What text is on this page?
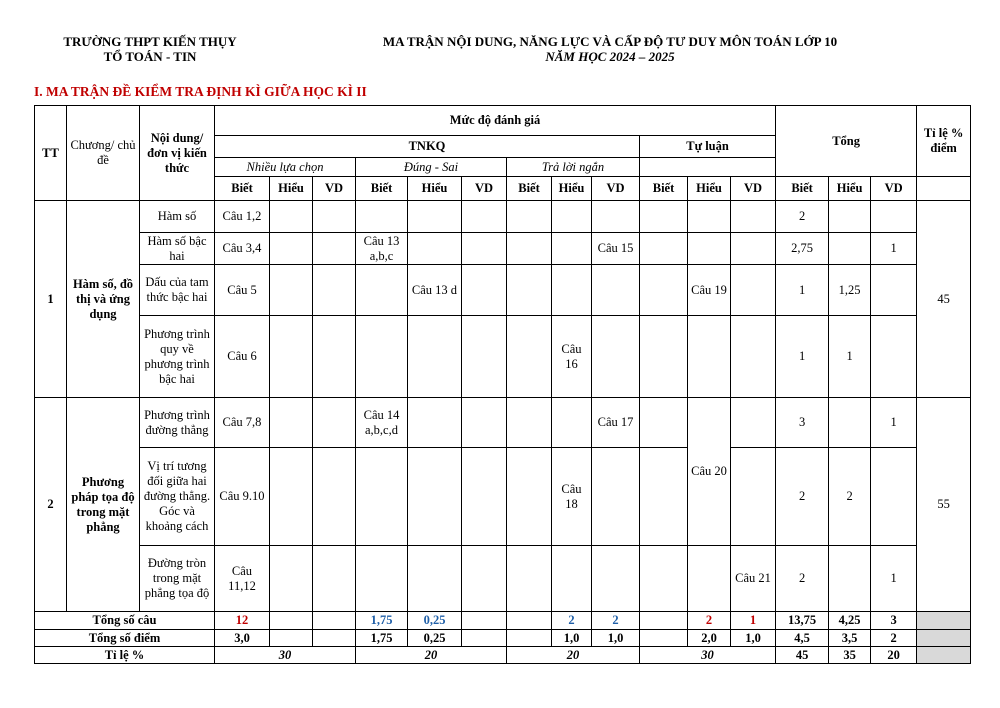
TRƯỜNG THPT KIẾN THỤY
TỔ TOÁN - TIN
MA TRẬN NỘI DUNG, NĂNG LỰC VÀ CẤP ĐỘ TƯ DUY MÔN TOÁN LỚP 10
NĂM HỌC 2024 – 2025
I. MA TRẬN ĐỀ KIỂM TRA ĐỊNH KÌ GIỮA HỌC KÌ II
TT	Chương/ chủ đề	Nội dung/ đơn vị kiến thức	Mức độ đánh giá												Tổng			Tỉ lệ % điểm
			TNKQ									Tự luận						
			Nhiều lựa chọn			Đúng - Sai			Trả lời ngắn									
			Biết	Hiểu	VD	Biết	Hiểu	VD	Biết	Hiểu	VD	Biết	Hiểu	VD	Biết	Hiểu	VD	
1	Hàm số, đồ thị và ứng dụng	Hàm số	Câu 1,2												2			45
		Hàm số bậc hai	Câu 3,4			Câu 13 a,b,c					Câu 15				2,75		1	
		Dấu của tam thức bậc hai	Câu 5				Câu 13 d						Câu 19		1	1,25		
		Phương trình quy về phương trình bậc hai	Câu 6							Câu 16					1	1		
2	Phương pháp tọa độ trong mặt phẳng	Phương trình đường thẳng	Câu 7,8			Câu 14 a,b,c,d					Câu 17		Câu 20		3		1	55
		Vị trí tương đối giữa hai đường thẳng. Góc và khoảng cách	Câu 9.10							Câu 18					2	2		
		Đường tròn trong mặt phẳng tọa độ	Câu 11,12											Câu 21	2		1	
Tổng số câu			12			1,75	0,25			2	2		2	1	13,75	4,25	3	
Tổng số điểm			3,0			1,75	0,25			1,0	1,0		2,0	1,0	4,5	3,5	2	
Tỉ lệ %			30			20			20			30			45	35	20	
